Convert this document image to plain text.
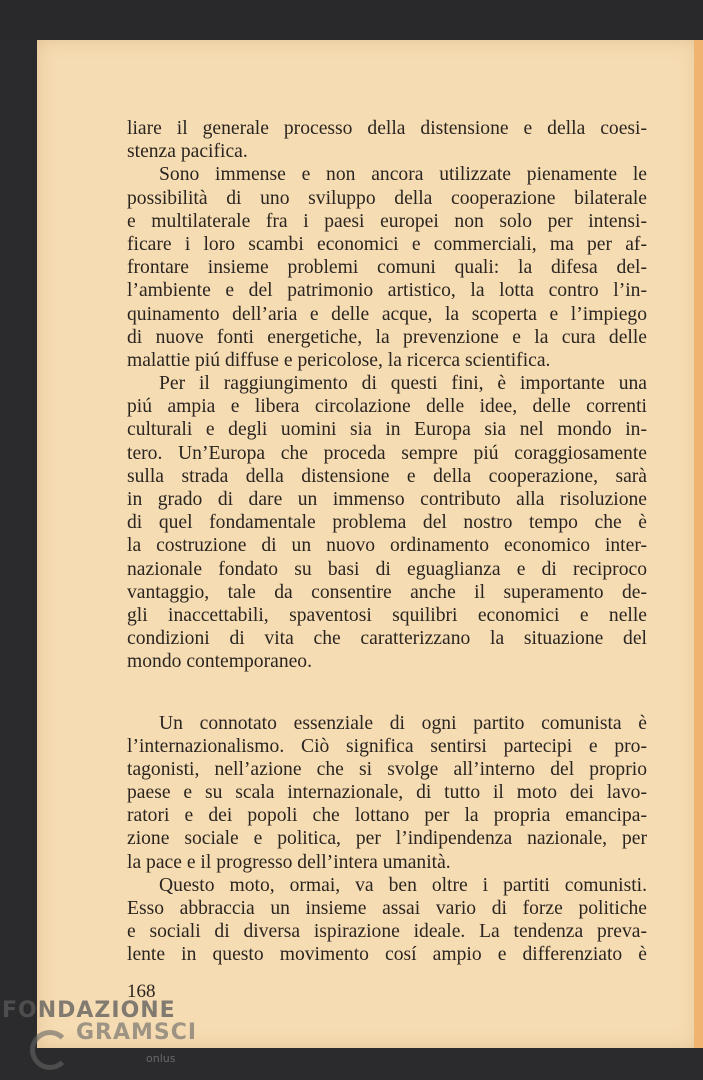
liare il generale processo della distensione e della coesi-
stenza pacifica.
Sono immense e non ancora utilizzate pienamente le
possibilità di uno sviluppo della cooperazione bilaterale
e multilaterale fra i paesi europei non solo per intensi-
ficare i loro scambi economici e commerciali, ma per af-
frontare insieme problemi comuni quali: la difesa del-
l’ambiente e del patrimonio artistico, la lotta contro l’in-
quinamento dell’aria e delle acque, la scoperta e l’impiego
di nuove fonti energetiche, la prevenzione e la cura delle
malattie piú diffuse e pericolose, la ricerca scientifica.
Per il raggiungimento di questi fini, è importante una
piú ampia e libera circolazione delle idee, delle correnti
culturali e degli uomini sia in Europa sia nel mondo in-
tero. Un’Europa che proceda sempre piú coraggiosamente
sulla strada della distensione e della cooperazione, sarà
in grado di dare un immenso contributo alla risoluzione
di quel fondamentale problema del nostro tempo che è
la costruzione di un nuovo ordinamento economico inter-
nazionale fondato su basi di eguaglianza e di reciproco
vantaggio, tale da consentire anche il superamento de-
gli inaccettabili, spaventosi squilibri economici e nelle
condizioni di vita che caratterizzano la situazione del
mondo contemporaneo.
Un connotato essenziale di ogni partito comunista è
l’internazionalismo. Ciò significa sentirsi partecipi e pro-
tagonisti, nell’azione che si svolge all’interno del proprio
paese e su scala internazionale, di tutto il moto dei lavo-
ratori e dei popoli che lottano per la propria emancipa-
zione sociale e politica, per l’indipendenza nazionale, per
la pace e il progresso dell’intera umanità.
Questo moto, ormai, va ben oltre i partiti comunisti.
Esso abbraccia un insieme assai vario di forze politiche
e sociali di diversa ispirazione ideale. La tendenza preva-
lente in questo movimento cosí ampio e differenziato è
168
FONDAZIONE
GRAMSCI
onlus
